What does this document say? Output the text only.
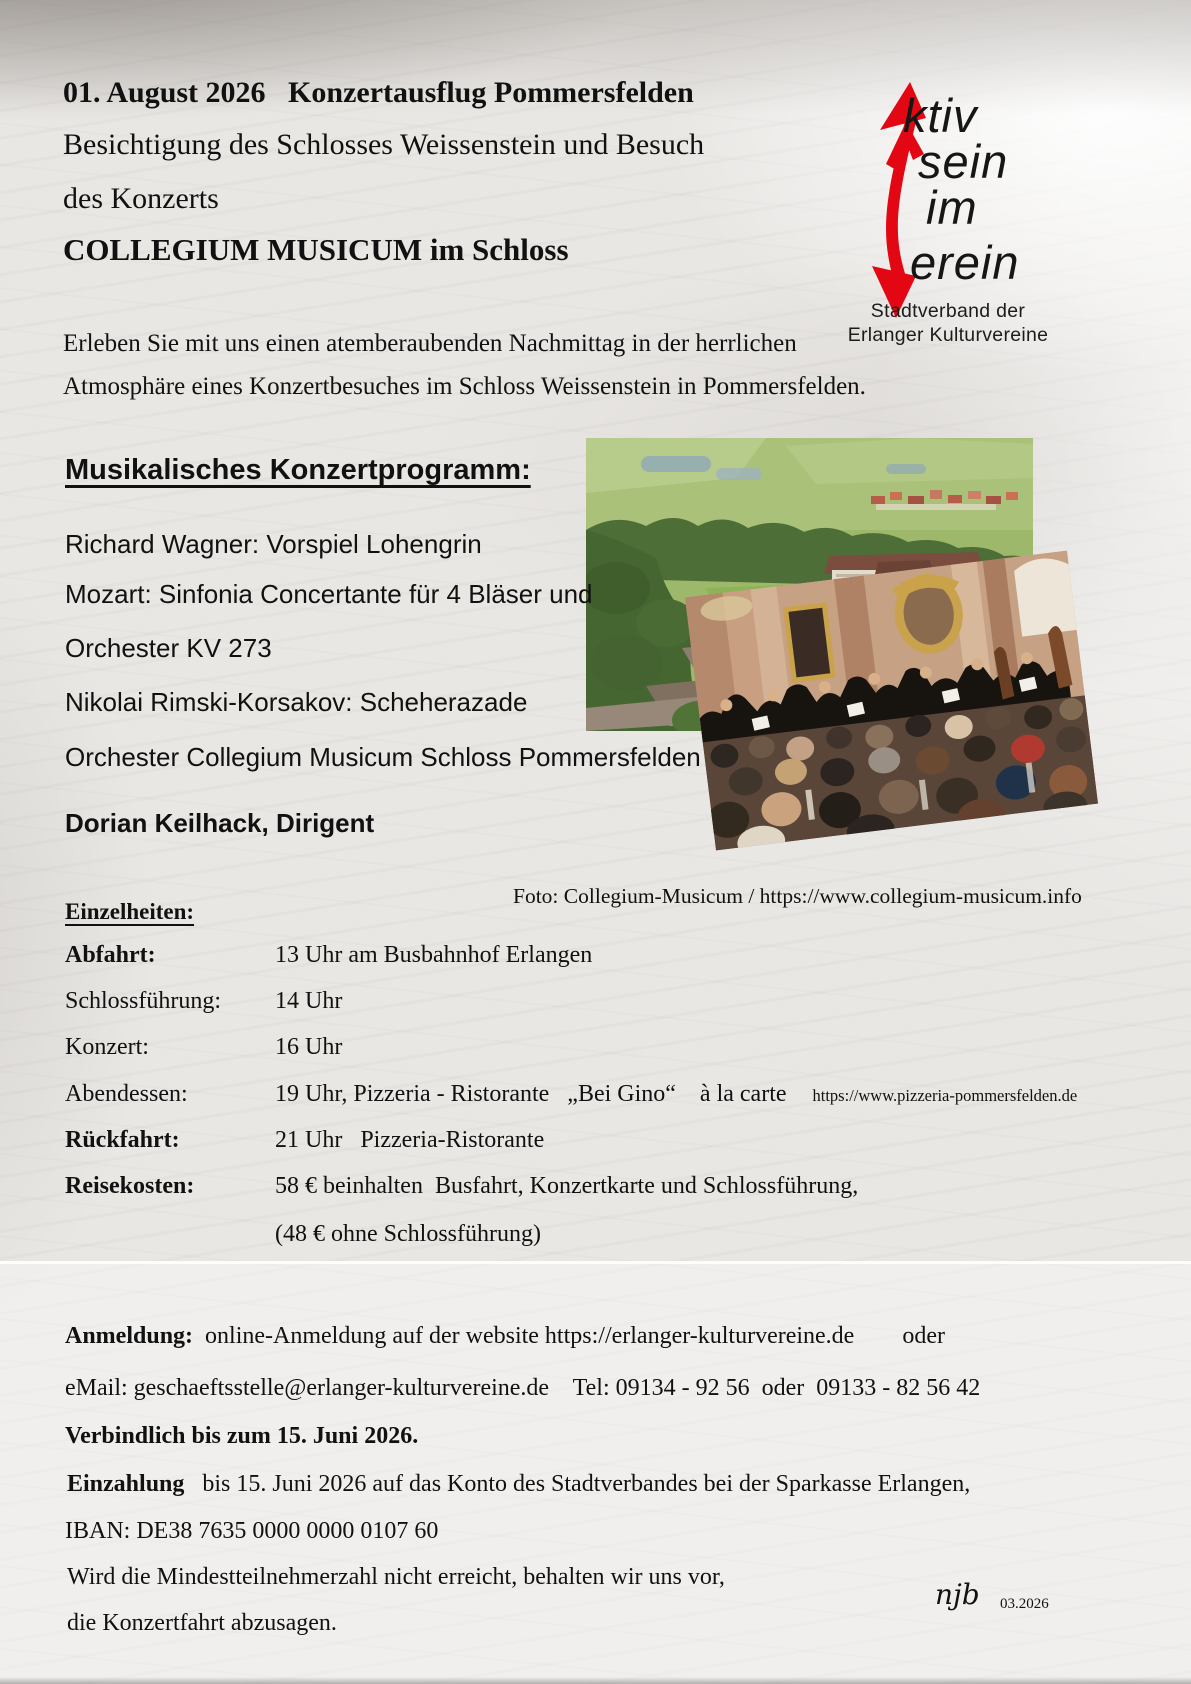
01. August 2026   Konzertausflug Pommersfelden
Besichtigung des Schlosses Weissenstein und Besuch
des Konzerts
COLLEGIUM MUSICUM im Schloss
ktiv
sein
im
erein
Stadtverband der
Erlanger Kulturvereine
Erleben Sie mit uns einen atemberaubenden Nachmittag in der herrlichen
Atmosphäre eines Konzertbesuches im Schloss Weissenstein in Pommersfelden.
Musikalisches Konzertprogramm:
Richard Wagner: Vorspiel Lohengrin
Mozart: Sinfonia Concertante für 4 Bläser und
Orchester KV 273
Nikolai Rimski-Korsakov: Scheherazade
Orchester Collegium Musicum Schloss Pommersfelden
Dorian Keilhack, Dirigent
Foto: Collegium-Musicum / https://www.collegium-musicum.info
Einzelheiten:
Abfahrt:	13 Uhr am Busbahnhof Erlangen
Schlossführung: 14 Uhr
Konzert:	16 Uhr
Abendessen:	19 Uhr, Pizzeria - Ristorante   „Bei Gino“    à la carte https://www.pizzeria-pommersfelden.de
Rückfahrt:	21 Uhr   Pizzeria-Ristorante
Reisekosten:	58 € beinhalten  Busfahrt, Konzertkarte und Schlossführung,
(48 € ohne Schlossführung)
Anmeldung:  online-Anmeldung auf der website https://erlanger-kulturvereine.de        oder
eMail: geschaeftsstelle@erlanger-kulturvereine.de    Tel: 09134 - 92 56  oder  09133 - 82 56 42
Verbindlich bis zum 15. Juni 2026.
Einzahlung   bis 15. Juni 2026 auf das Konto des Stadtverbandes bei der Sparkasse Erlangen,
IBAN: DE38 7635 0000 0000 0107 60
Wird die Mindestteilnehmerzahl nicht erreicht, behalten wir uns vor,
die Konzertfahrt abzusagen.
njb 03.2026
